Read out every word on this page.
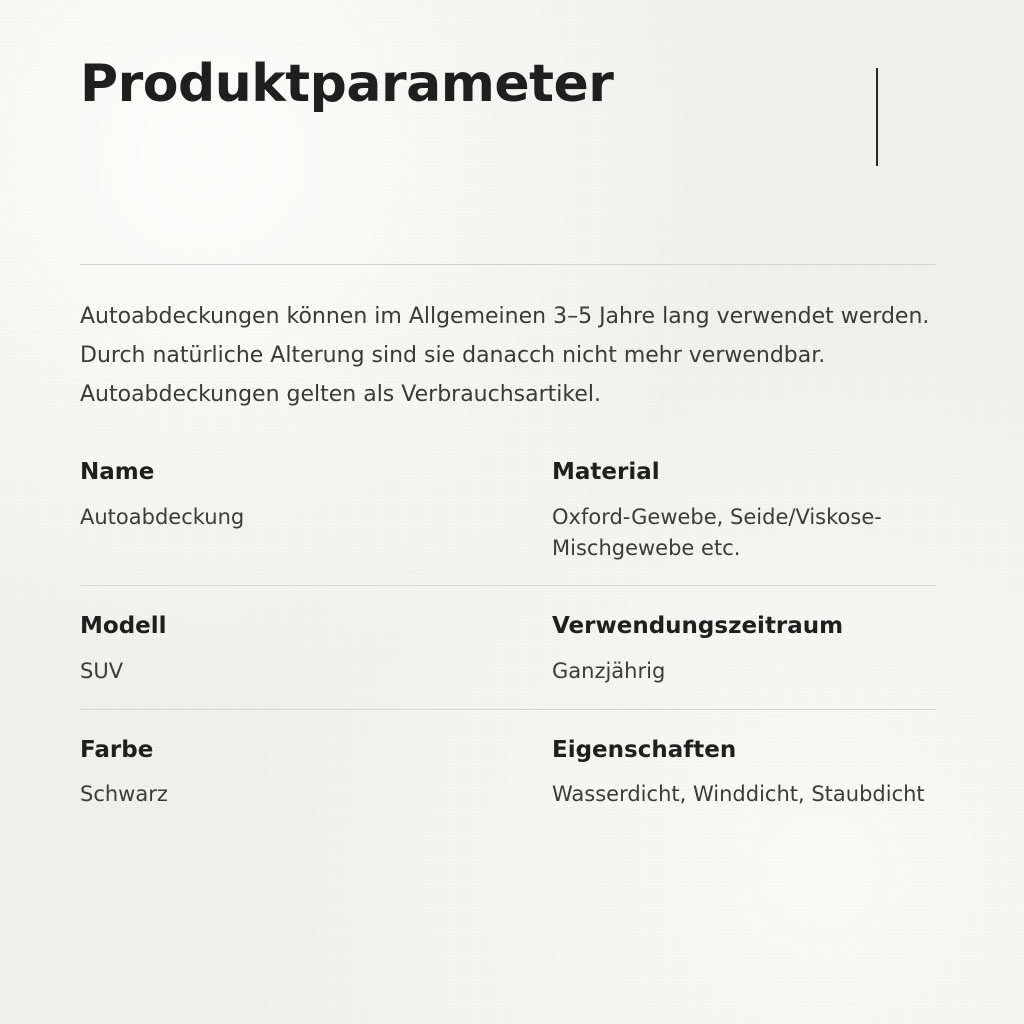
Produktparameter

Autoabdeckungen können im Allgemeinen 3–5 Jahre lang verwendet werden. Durch natürliche Alterung sind sie danacch nicht mehr verwendbar. Autoabdeckungen gelten als Verbrauchsartikel.

Name
Autoabdeckung
Material
Oxford-Gewebe, Seide/Viskose-Mischgewebe etc.
Modell
SUV
Verwendungszeitraum
Ganzjährig
Farbe
Schwarz
Eigenschaften
Wasserdicht, Winddicht, Staubdicht
